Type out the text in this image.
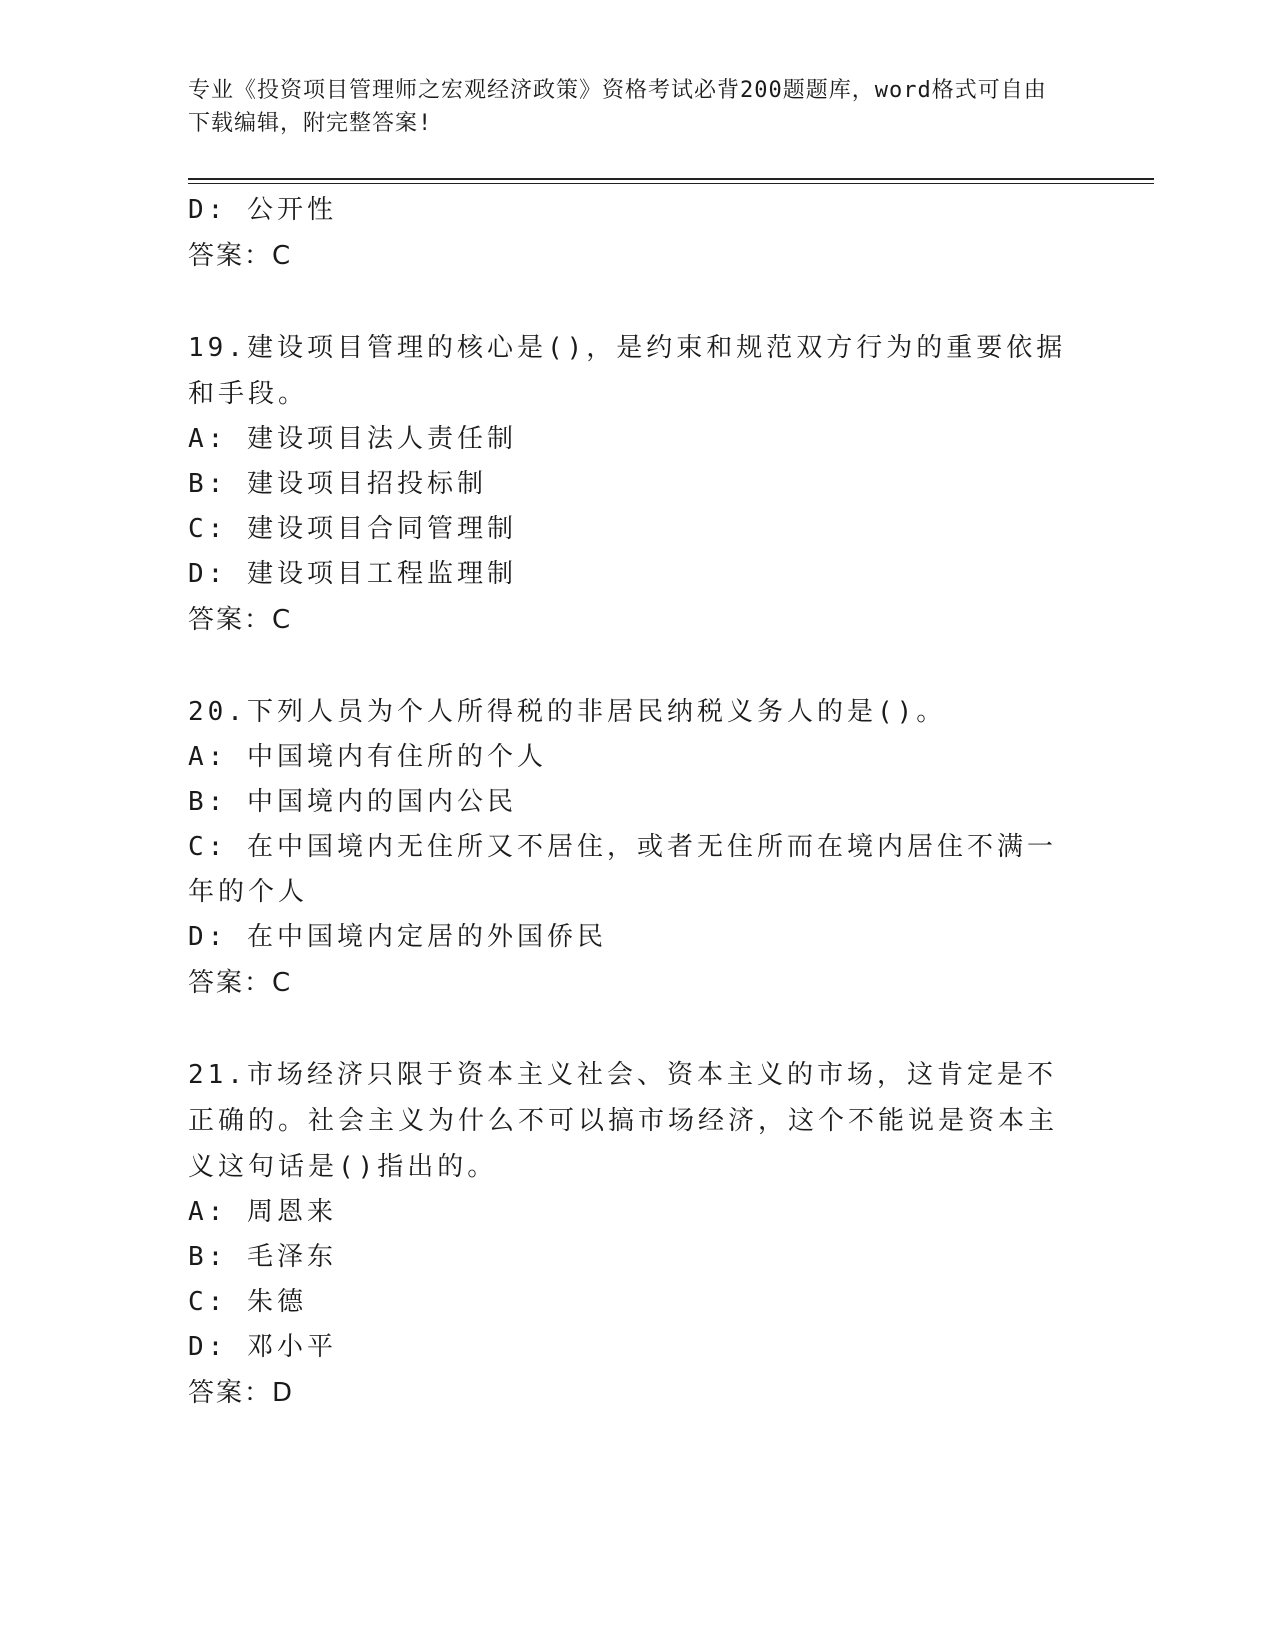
专业《投资项目管理师之宏观经济政策》资格考试必背200题题库，word格式可自由下载编辑，附完整答案!
D: 公开性
答案：C
19.建设项目管理的核心是()，是约束和规范双方行为的重要依据和手段。
A: 建设项目法人责任制
B: 建设项目招投标制
C: 建设项目合同管理制
D: 建设项目工程监理制
答案：C
20.下列人员为个人所得税的非居民纳税义务人的是()。
A: 中国境内有住所的个人
B: 中国境内的国内公民
C: 在中国境内无住所又不居住，或者无住所而在境内居住不满一年的个人
D: 在中国境内定居的外国侨民
答案：C
21.市场经济只限于资本主义社会、资本主义的市场，这肯定是不正确的。社会主义为什么不可以搞市场经济，这个不能说是资本主义这句话是()指出的。
A: 周恩来
B: 毛泽东
C: 朱德
D: 邓小平
答案：D
